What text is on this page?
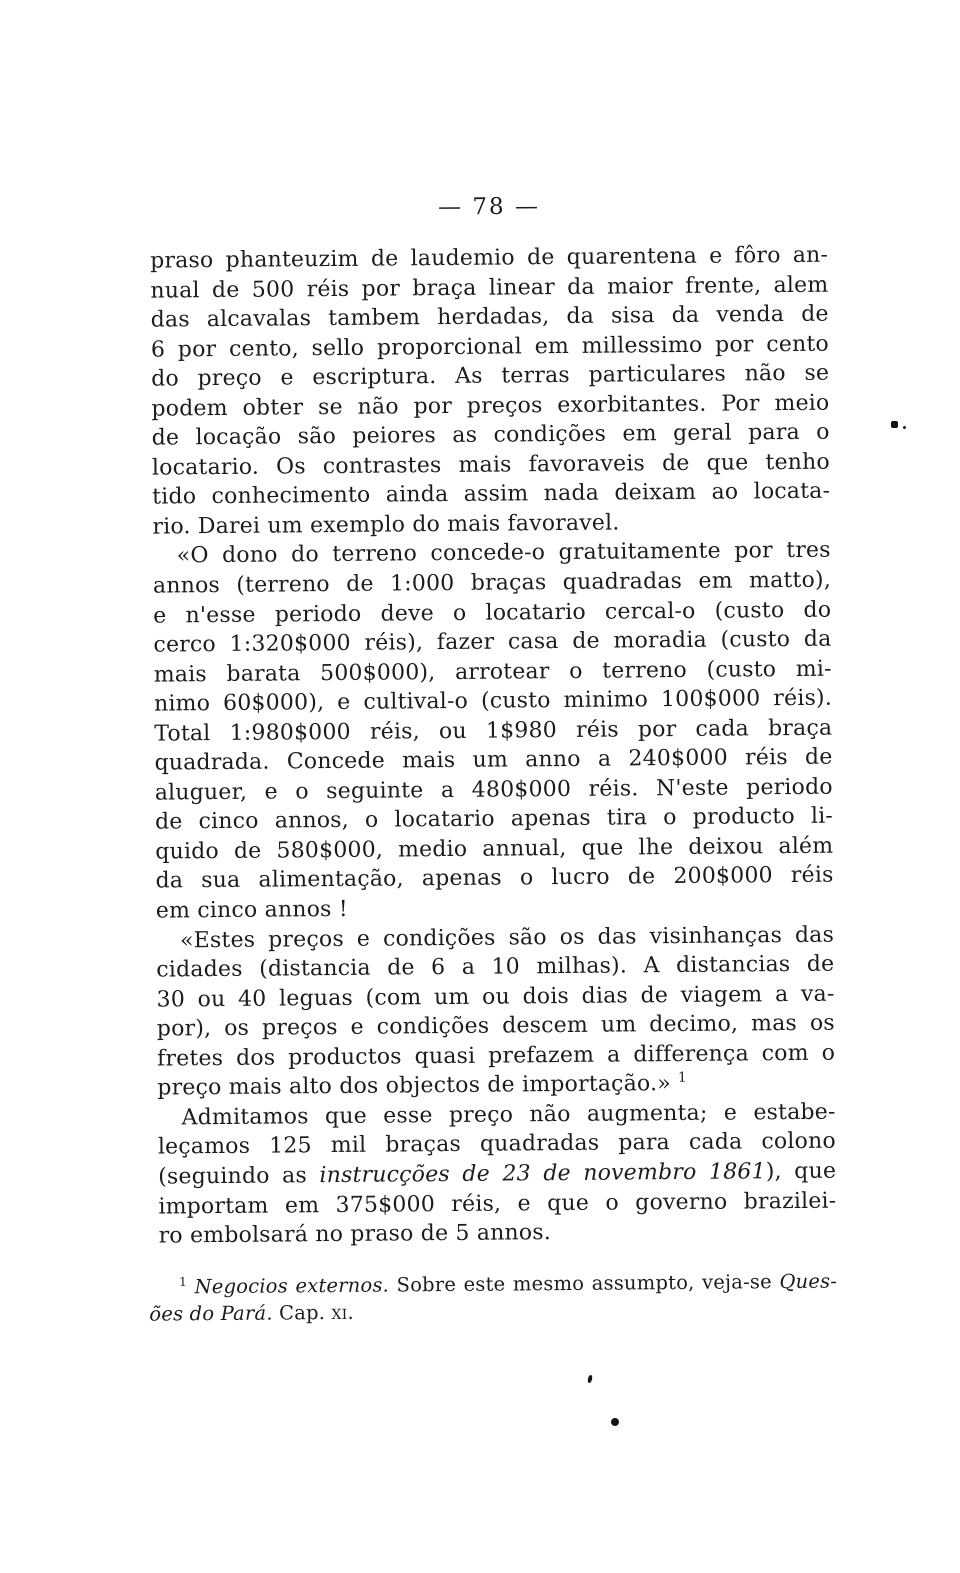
— 78 —
praso phanteuzim de laudemio de quarentena e fôro an-
nual de 500 réis por braça linear da maior frente, alem
das alcavalas tambem herdadas, da sisa da venda de
6 por cento, sello proporcional em millessimo por cento
do preço e escriptura. As terras particulares não se
podem obter se não por preços exorbitantes. Por meio
de locação são peiores as condições em geral para o
locatario. Os contrastes mais favoraveis de que tenho
tido conhecimento ainda assim nada deixam ao locata-
rio. Darei um exemplo do mais favoravel.
«O dono do terreno concede-o gratuitamente por tres
annos (terreno de 1:000 braças quadradas em matto),
e n'esse periodo deve o locatario cercal-o (custo do
cerco 1:320$000 réis), fazer casa de moradia (custo da
mais barata 500$000), arrotear o terreno (custo mi-
nimo 60$000), e cultival-o (custo minimo 100$000 réis).
Total 1:980$000 réis, ou 1$980 réis por cada braça
quadrada. Concede mais um anno a 240$000 réis de
aluguer, e o seguinte a 480$000 réis. N'este periodo
de cinco annos, o locatario apenas tira o producto li-
quido de 580$000, medio annual, que lhe deixou além
da sua alimentação, apenas o lucro de 200$000 réis
em cinco annos !
«Estes preços e condições são os das visinhanças das
cidades (distancia de 6 a 10 milhas). A distancias de
30 ou 40 leguas (com um ou dois dias de viagem a va-
por), os preços e condições descem um decimo, mas os
fretes dos productos quasi prefazem a differença com o
preço mais alto dos objectos de importação.» $^1$
Admitamos que esse preço não augmenta; e estabe-
leçamos 125 mil braças quadradas para cada colono
(seguindo as instrucções de 23 de novembro 1861), que
importam em 375$000 réis, e que o governo brazilei-
ro embolsará no praso de 5 annos.
$^1$ Negocios externos. Sobre este mesmo assumpto, veja-se Ques-
ões do Pará. Cap. xi.
